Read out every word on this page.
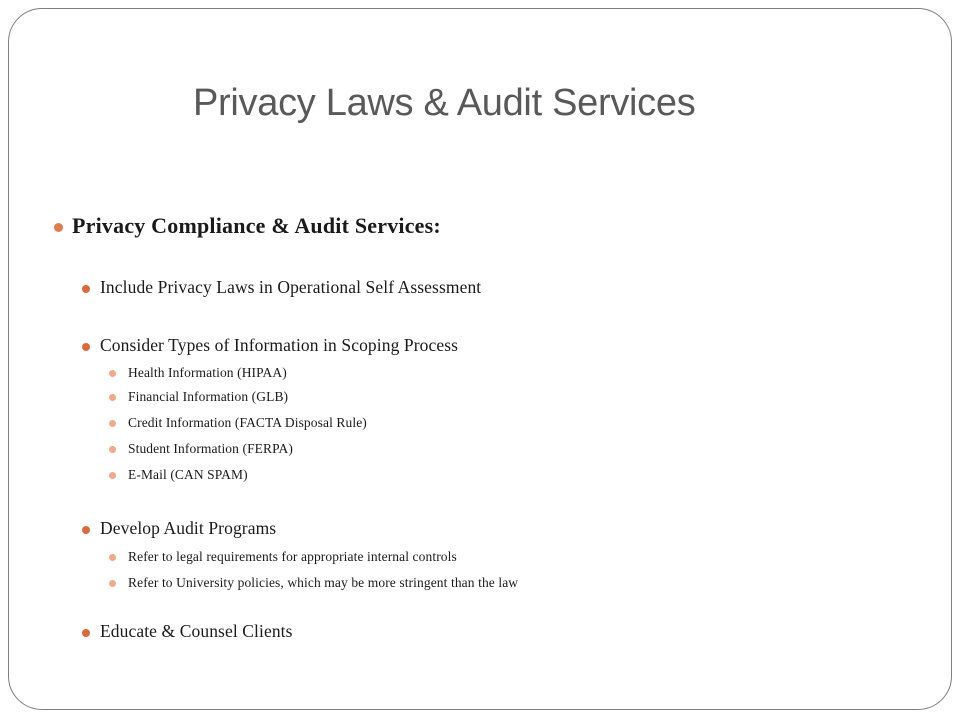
Privacy Laws & Audit Services
Privacy Compliance & Audit Services:
Include Privacy Laws in Operational Self Assessment
Consider Types of Information in Scoping Process
Health Information (HIPAA)
Financial Information (GLB)
Credit Information (FACTA Disposal Rule)
Student Information (FERPA)
E-Mail (CAN SPAM)
Develop Audit Programs
Refer to legal requirements for appropriate internal controls
Refer to University policies, which may be more stringent than the law
Educate & Counsel Clients
